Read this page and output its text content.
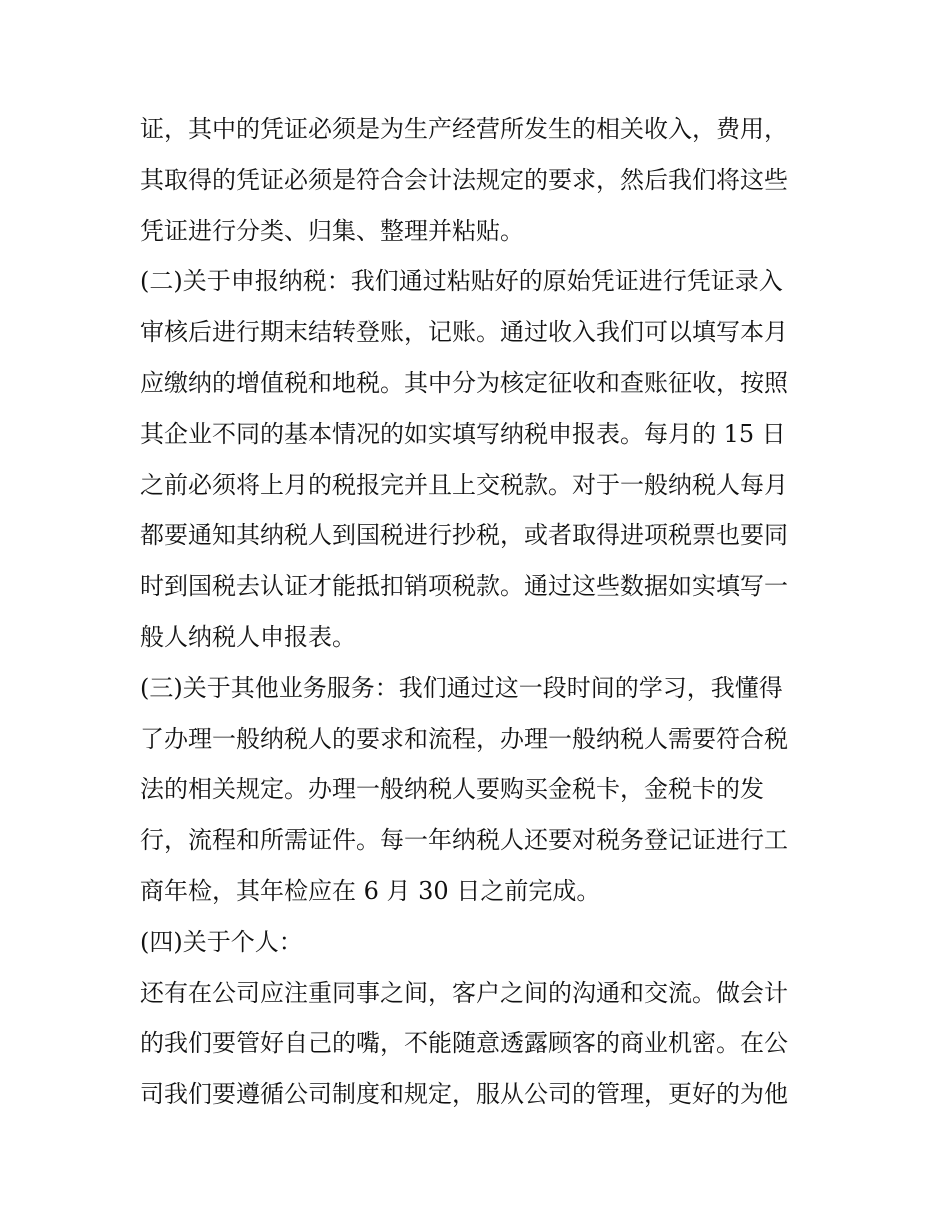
证，其中的凭证必须是为生产经营所发生的相关收入，费用，
其取得的凭证必须是符合会计法规定的要求，然后我们将这些
凭证进行分类、归集、整理并粘贴。
(二)关于申报纳税：我们通过粘贴好的原始凭证进行凭证录入
审核后进行期末结转登账，记账。通过收入我们可以填写本月
应缴纳的增值税和地税。其中分为核定征收和查账征收，按照
其企业不同的基本情况的如实填写纳税申报表。每月的 15 日
之前必须将上月的税报完并且上交税款。对于一般纳税人每月
都要通知其纳税人到国税进行抄税，或者取得进项税票也要同
时到国税去认证才能抵扣销项税款。通过这些数据如实填写一
般人纳税人申报表。
(三)关于其他业务服务：我们通过这一段时间的学习，我懂得
了办理一般纳税人的要求和流程，办理一般纳税人需要符合税
法的相关规定。办理一般纳税人要购买金税卡，金税卡的发
行，流程和所需证件。每一年纳税人还要对税务登记证进行工
商年检，其年检应在 6 月 30 日之前完成。
(四)关于个人：
还有在公司应注重同事之间，客户之间的沟通和交流。做会计
的我们要管好自己的嘴，不能随意透露顾客的商业机密。在公
司我们要遵循公司制度和规定，服从公司的管理，更好的为他
